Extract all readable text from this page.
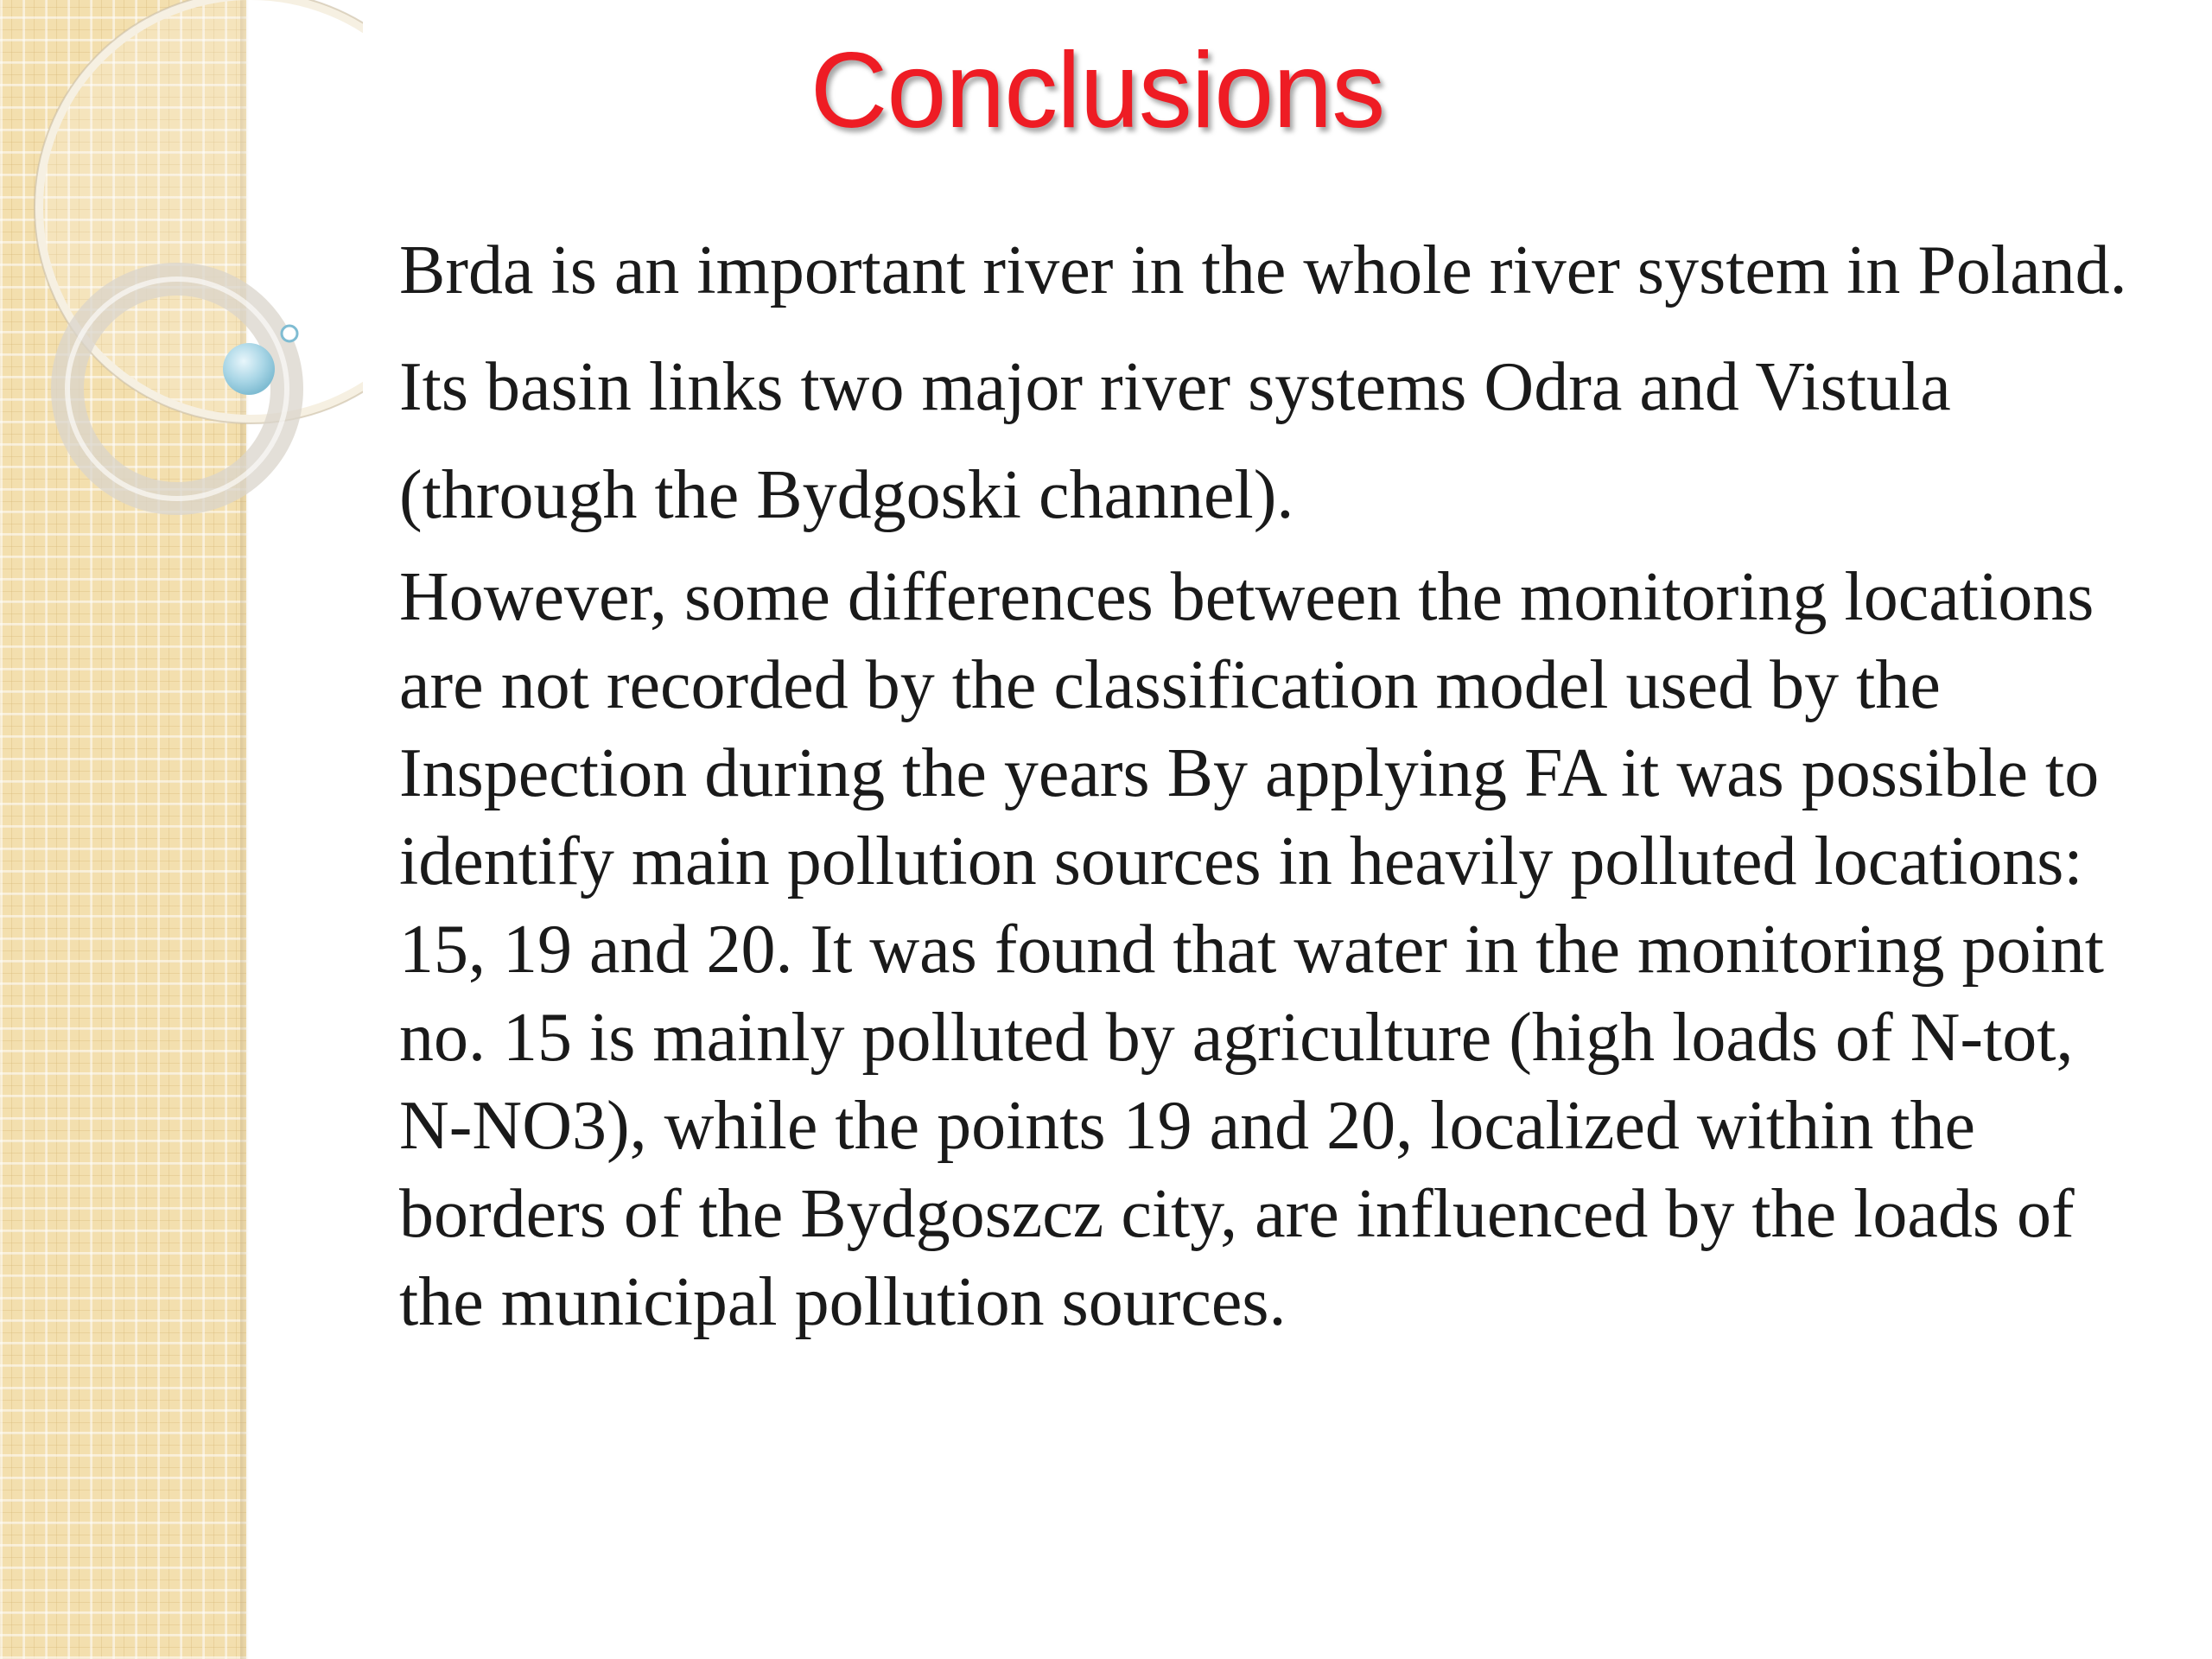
Conclusions

Brda is an important river in the whole river system in Poland.

Its basin links two major river systems Odra and Vistula (through the Bydgoski channel).

However, some differences between the monitoring locations are not recorded by the classification model used by the Inspection during the years By applying FA it was possible to identify main pollution sources in heavily polluted locations: 15, 19 and 20. It was found that water in the monitoring point no. 15 is mainly polluted by agriculture (high loads of N-tot, N-NO3), while the points 19 and 20, localized within the borders of the Bydgoszcz city, are influenced by the loads of the municipal pollution sources.
